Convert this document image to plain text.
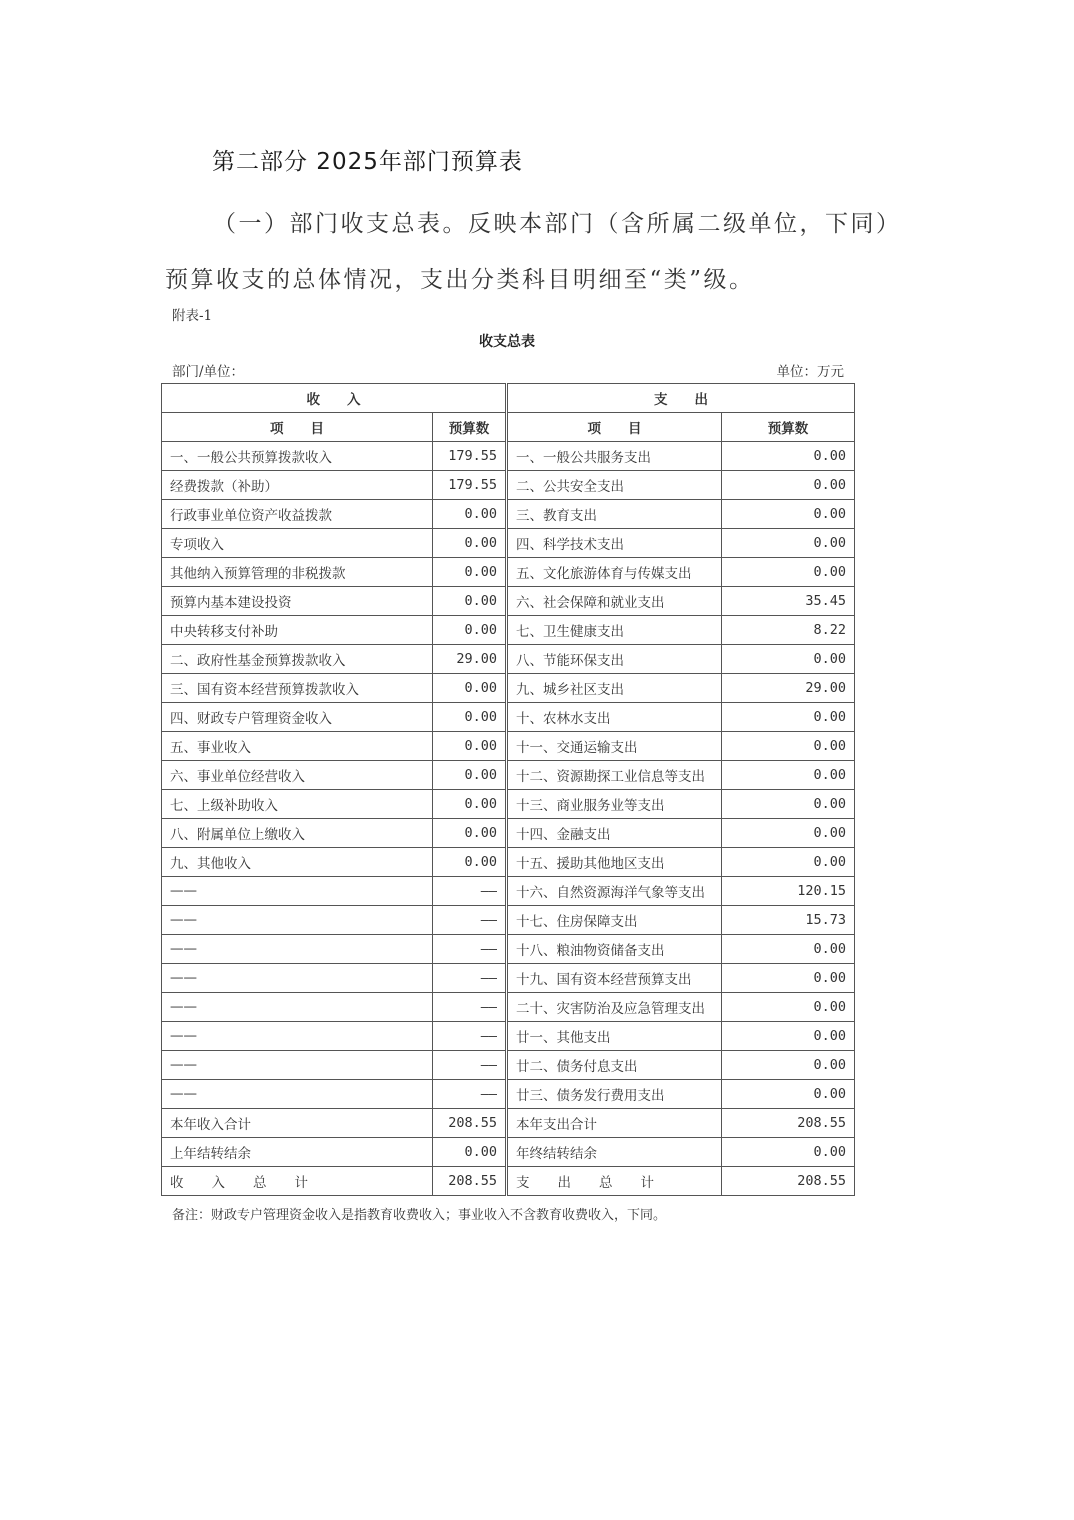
第二部分 2025年部门预算表
（一）部门收支总表。反映本部门（含所属二级单位，下同）预算收支的总体情况，支出分类科目明细至“类”级。
附表-1
收支总表
部门/单位：	单位：万元
收　　入			支　　出	
项　　目	预算数		项　　目	预算数
一、一般公共预算拨款收入	179.55		一、一般公共服务支出	0.00
经费拨款（补助）	179.55		二、公共安全支出	0.00
行政事业单位资产收益拨款	0.00		三、教育支出	0.00
专项收入	0.00		四、科学技术支出	0.00
其他纳入预算管理的非税拨款	0.00		五、文化旅游体育与传媒支出	0.00
预算内基本建设投资	0.00		六、社会保障和就业支出	35.45
中央转移支付补助	0.00		七、卫生健康支出	8.22
二、政府性基金预算拨款收入	29.00		八、节能环保支出	0.00
三、国有资本经营预算拨款收入	0.00		九、城乡社区支出	29.00
四、财政专户管理资金收入	0.00		十、农林水支出	0.00
五、事业收入	0.00		十一、交通运输支出	0.00
六、事业单位经营收入	0.00		十二、资源勘探工业信息等支出	0.00
七、上级补助收入	0.00		十三、商业服务业等支出	0.00
八、附属单位上缴收入	0.00		十四、金融支出	0.00
九、其他收入	0.00		十五、援助其他地区支出	0.00
——	——		十六、自然资源海洋气象等支出	120.15
——	——		十七、住房保障支出	15.73
——	——		十八、粮油物资储备支出	0.00
——	——		十九、国有资本经营预算支出	0.00
——	——		二十、灾害防治及应急管理支出	0.00
——	——		廿一、其他支出	0.00
——	——		廿二、债务付息支出	0.00
——	——		廿三、债务发行费用支出	0.00
本年收入合计	208.55		本年支出合计	208.55
上年结转结余	0.00		年终结转结余	0.00
收入总计	208.55		支出总计	208.55
备注：财政专户管理资金收入是指教育收费收入；事业收入不含教育收费收入，下同。
